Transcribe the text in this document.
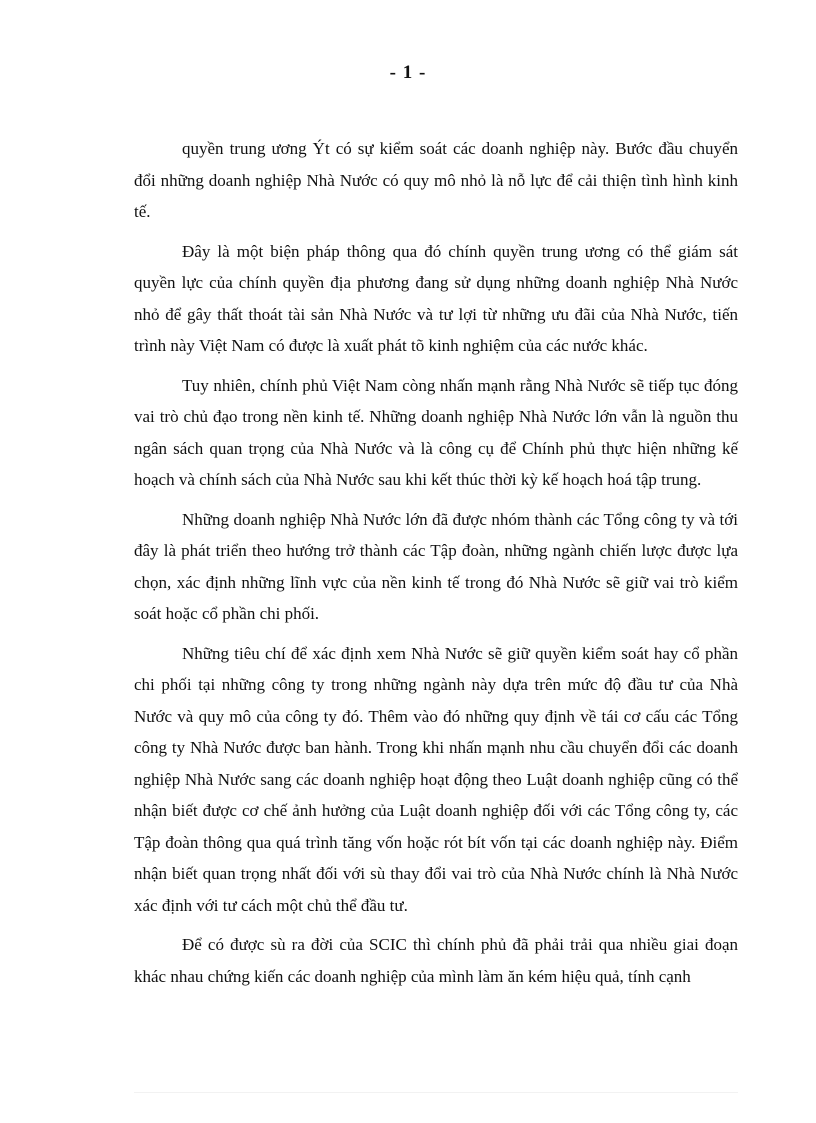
- 1 -

quyền trung ương Ýt có sự kiểm soát các doanh nghiệp này. Bước đầu chuyển đổi những doanh nghiệp Nhà Nước có quy mô nhỏ là nỗ lực để cải thiện tình hình kinh tế.

Đây là một biện pháp thông qua đó chính quyền trung ương có thể giám sát quyền lực của chính quyền địa phương đang sử dụng những doanh nghiệp Nhà Nước nhỏ để gây thất thoát tài sản Nhà Nước và tư lợi từ những ưu đãi của Nhà Nước, tiến trình này Việt Nam có được là xuất phát tõ kinh nghiệm của các nước khác.

Tuy nhiên, chính phủ Việt Nam còng nhấn mạnh rằng Nhà Nước sẽ tiếp tục đóng vai trò chủ đạo trong nền kinh tế. Những doanh nghiệp Nhà Nước lớn vẫn là nguồn thu ngân sách quan trọng của Nhà Nước và là công cụ để Chính phủ thực hiện những kế hoạch và chính sách của Nhà Nước sau khi kết thúc thời kỳ kế hoạch hoá tập trung.

Những doanh nghiệp Nhà Nước lớn đã được nhóm thành các Tổng công ty và tới đây là phát triển theo hướng trở thành các Tập đoàn, những ngành chiến lược được lựa chọn, xác định những lĩnh vực của nền kinh tế trong đó Nhà Nước sẽ giữ vai trò kiểm soát hoặc cổ phần chi phối.

Những tiêu chí để xác định xem Nhà Nước sẽ giữ quyền kiểm soát hay cổ phần chi phối tại những công ty trong những ngành này dựa trên mức độ đầu tư của Nhà Nước và quy mô của công ty đó. Thêm vào đó những quy định về tái cơ cấu các Tổng công ty Nhà Nước được ban hành. Trong khi nhấn mạnh nhu cầu chuyển đổi các doanh nghiệp Nhà Nước sang các doanh nghiệp hoạt động theo Luật doanh nghiệp cũng có thể nhận biết được cơ chế ảnh hưởng của Luật doanh nghiệp đối với các Tổng công ty, các Tập đoàn thông qua quá trình tăng vốn hoặc rót bít vốn tại các doanh nghiệp này. Điểm nhận biết quan trọng nhất đối với sù thay đổi vai trò của Nhà Nước chính là Nhà Nước xác định với tư cách một chủ thể đầu tư.

Để có được sù ra đời của SCIC thì chính phủ đã phải trải qua nhiều giai đoạn khác nhau chứng kiến các doanh nghiệp của mình làm ăn kém hiệu quả, tính cạnh
